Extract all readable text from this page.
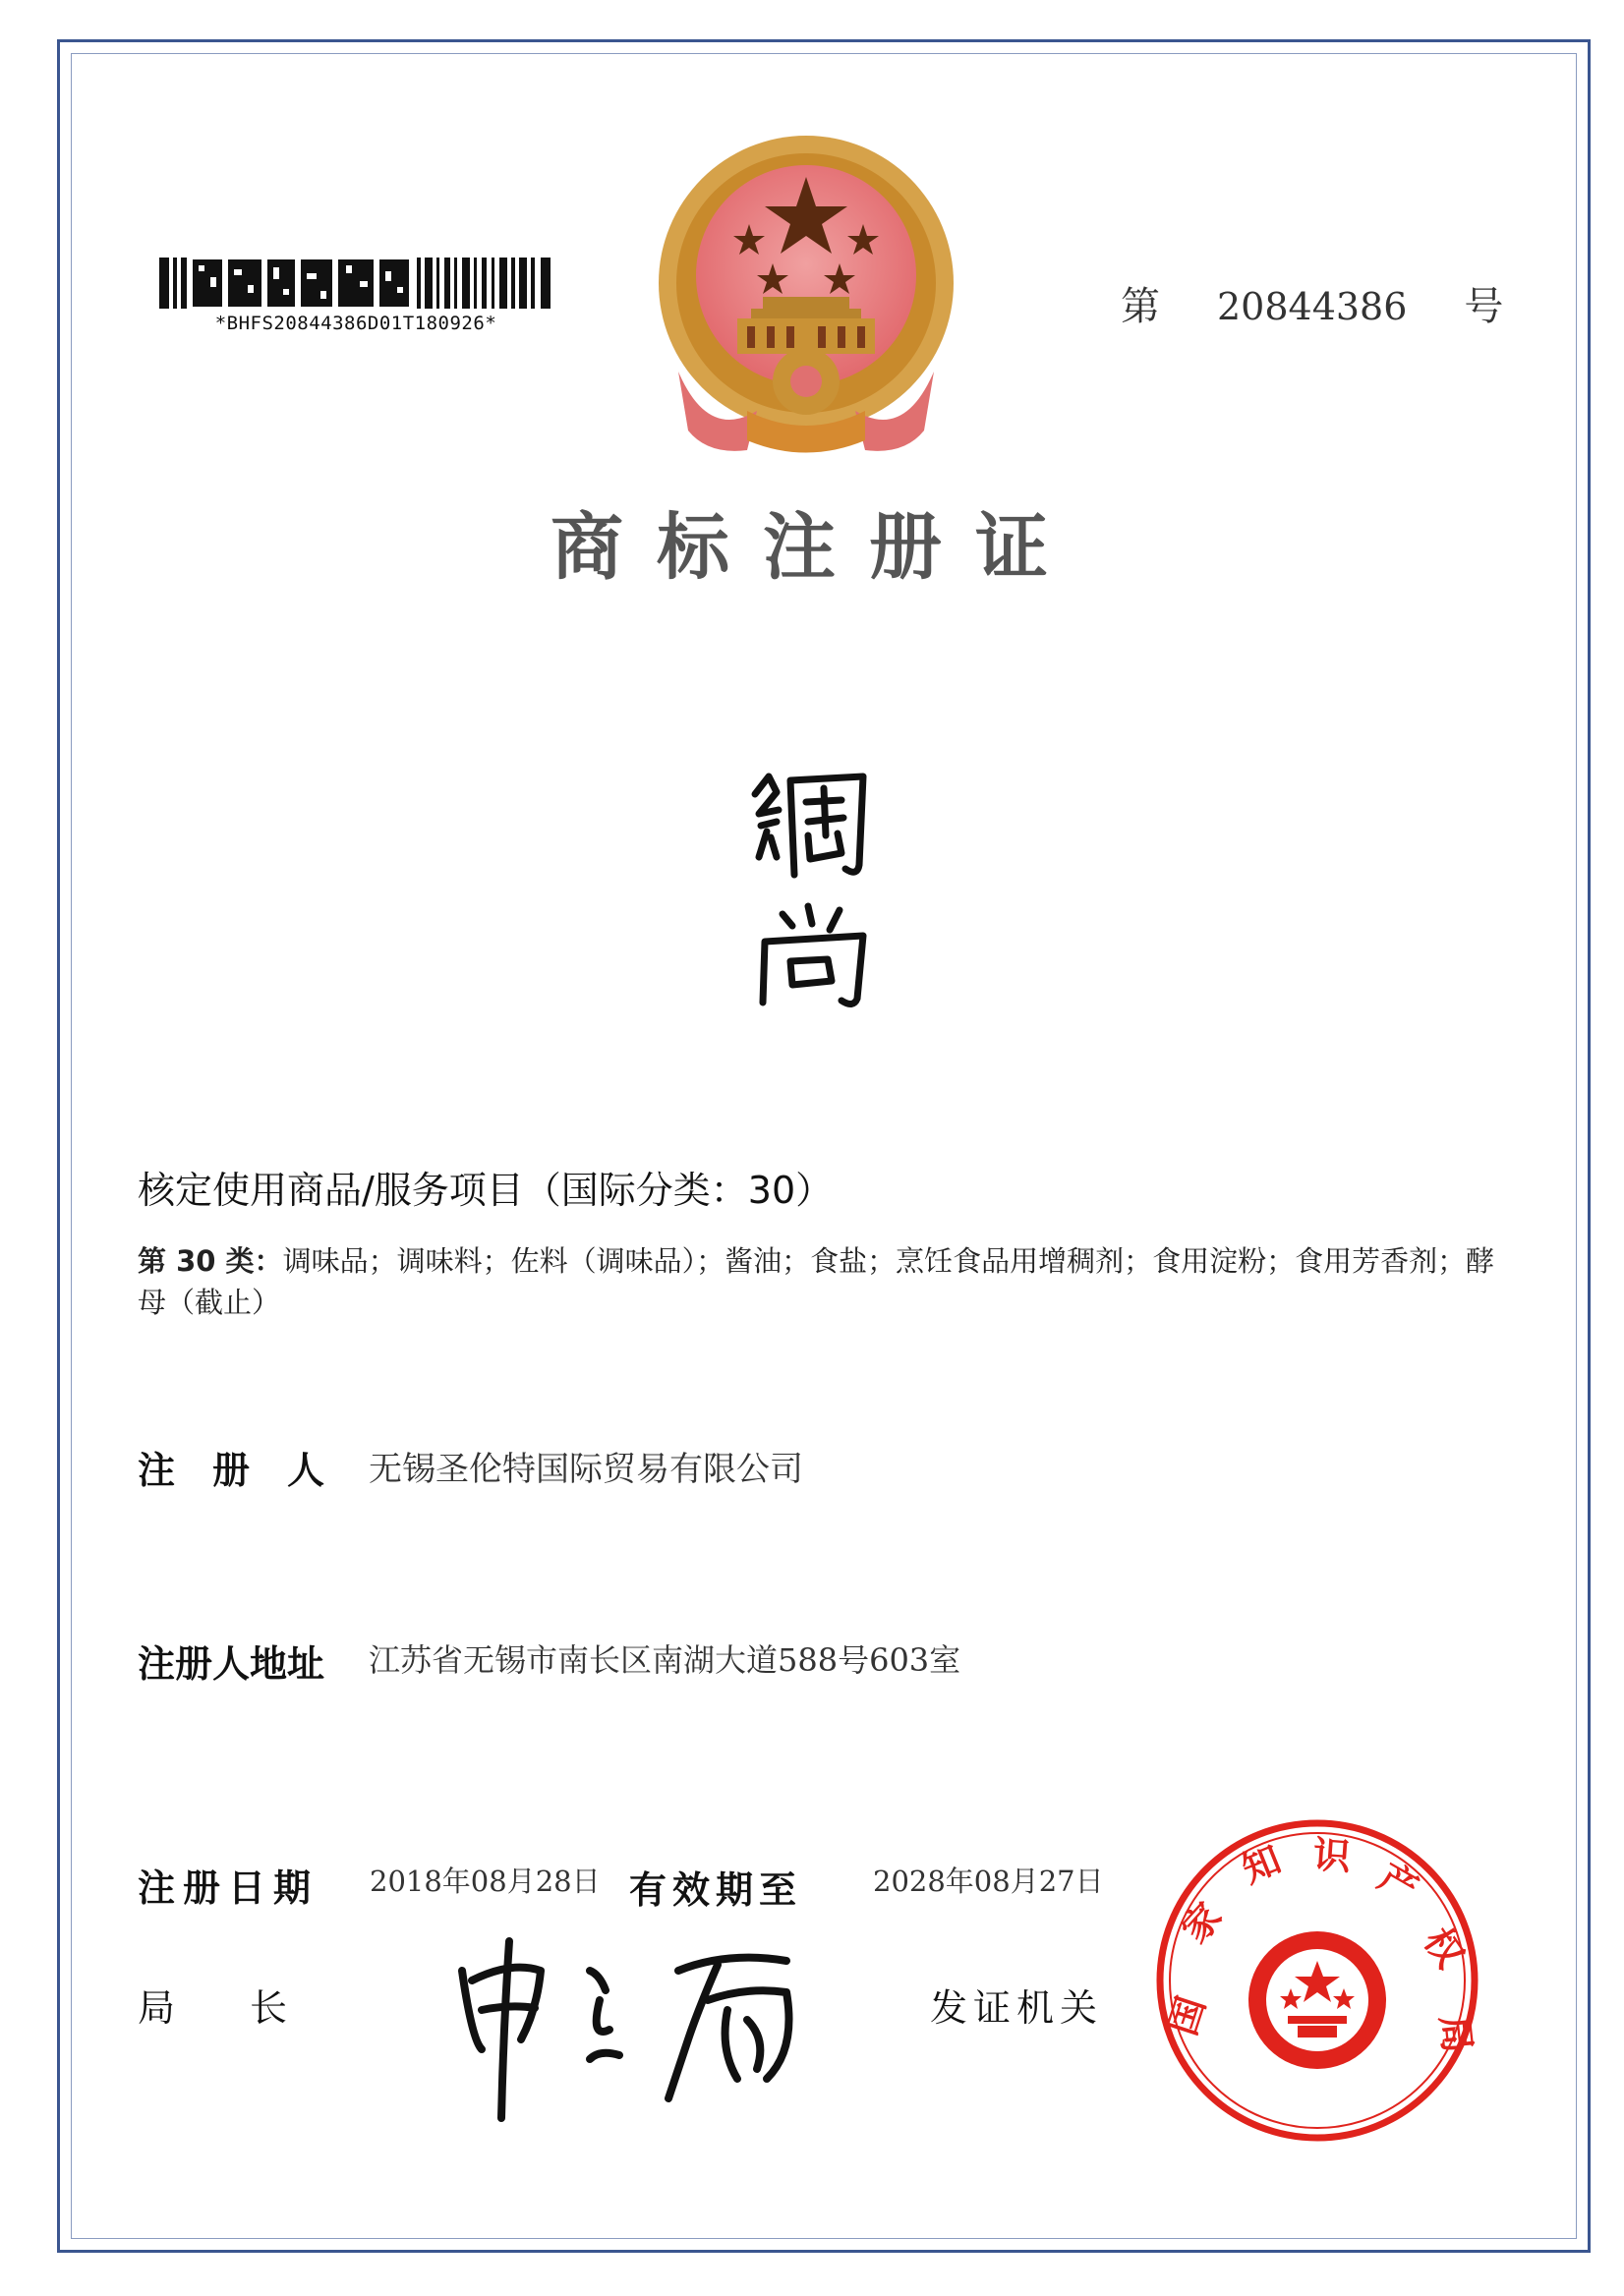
*BHFS20844386D01T180926*	第 20844386 号
商标注册证
核定使用商品/服务项目（国际分类：30）
第 30 类：调味品；调味料；佐料（调味品）；酱油；食盐；烹饪食品用增稠剂；食用淀粉；食用芳香剂；酵母（截止）
注　册　人 无锡圣伦特国际贸易有限公司
注册人地址 江苏省无锡市南长区南湖大道588号603室
注册日期 2018年08月28日 有效期至 2028年08月27日
局　　长	发证机关 国
家
知 识 产
权
局
